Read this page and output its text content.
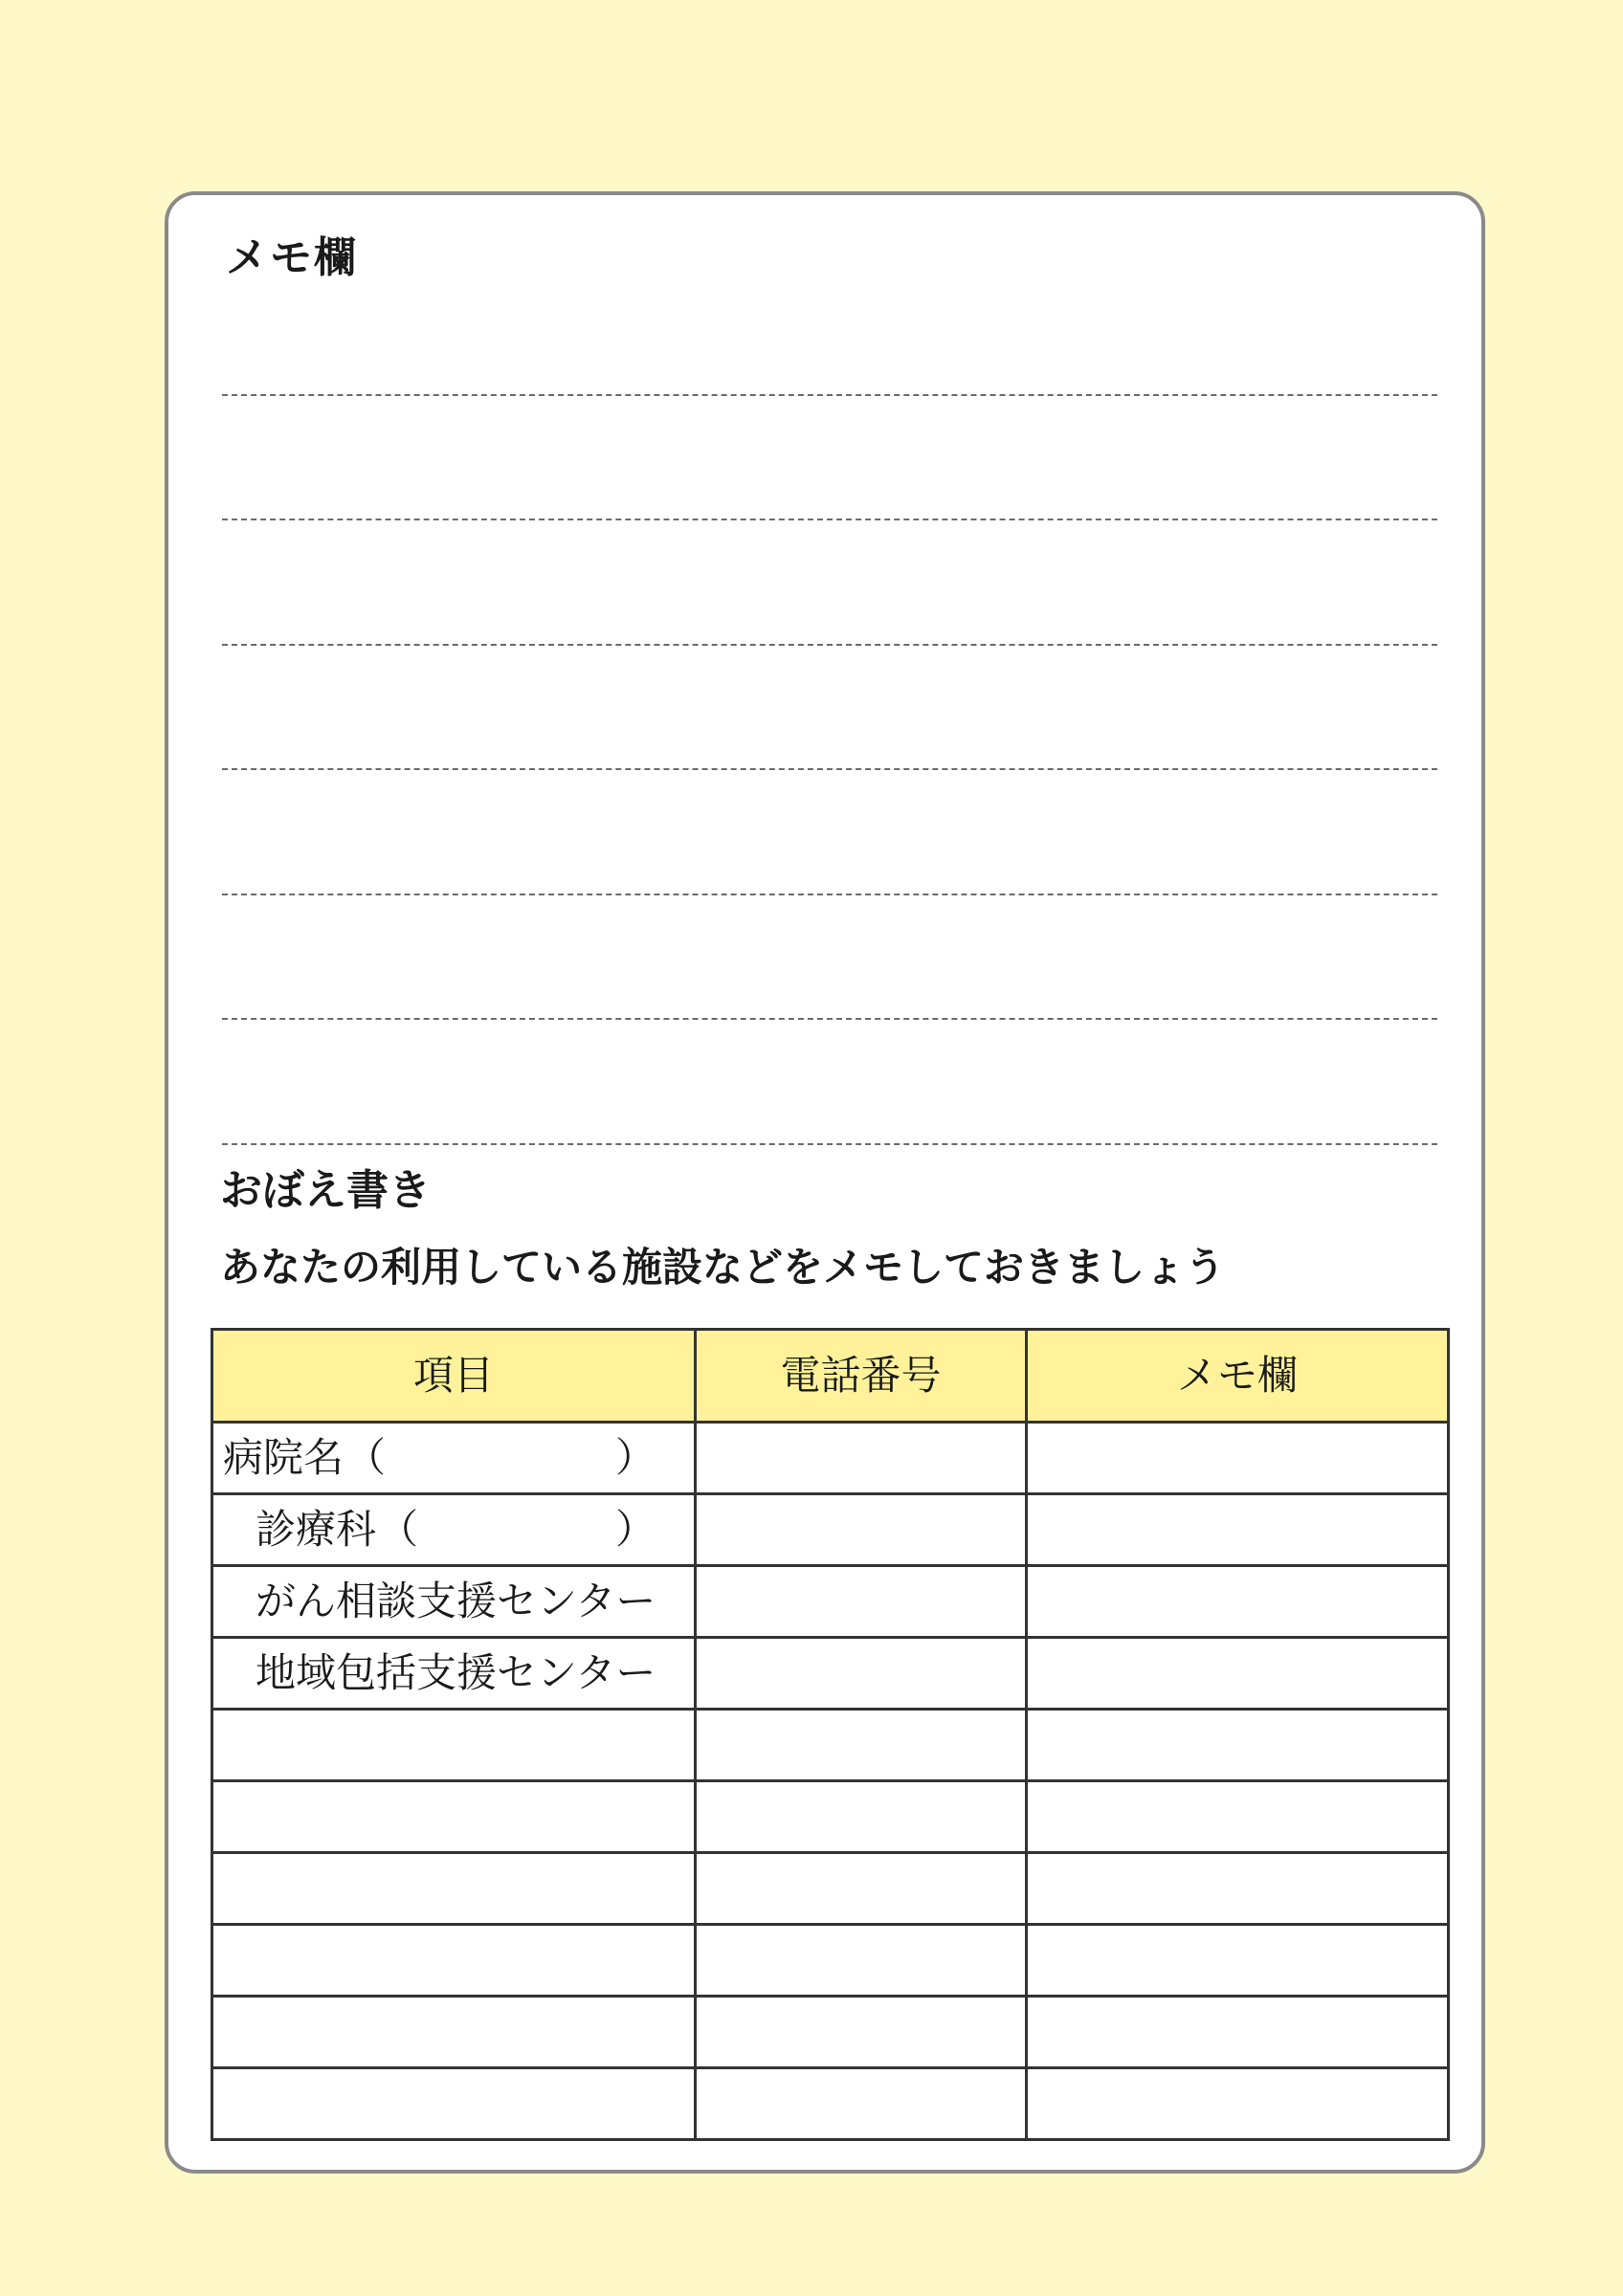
メモ欄
おぼえ書き

あなたの利用している施設などをメモしておきましょう

項目	電話番号	メモ欄
病院名（ ）		

診療科（ ）		

がん相談支援センター		
地域包括支援センター		
